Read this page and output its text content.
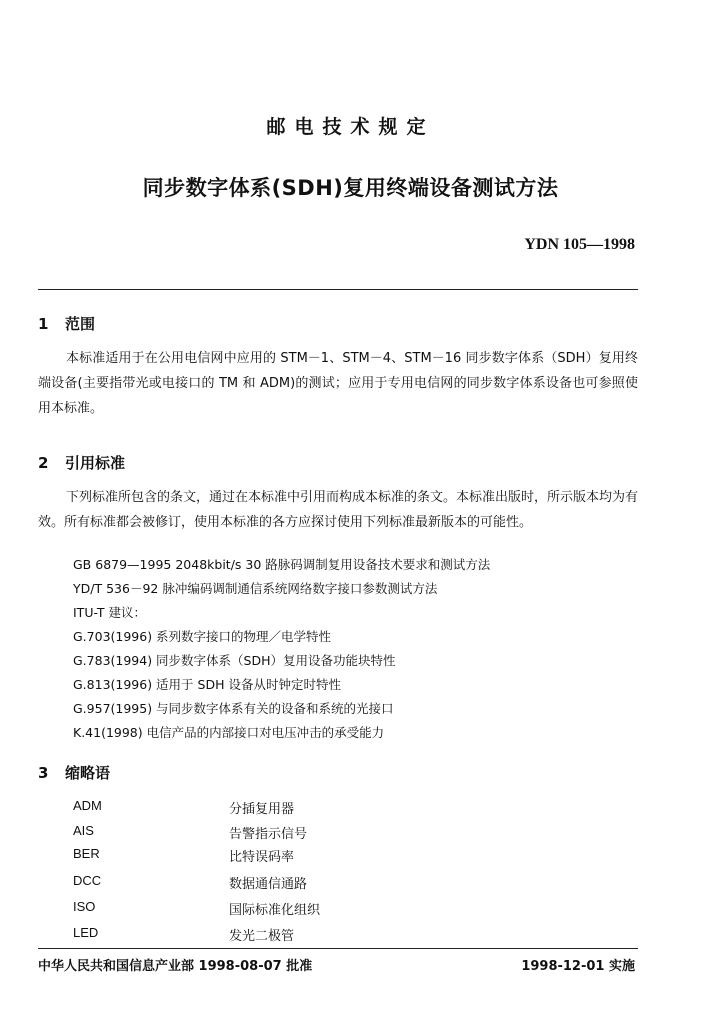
邮电技术规定
同步数字体系(SDH)复用终端设备测试方法
YDN 105—1998
1 范围
本标准适用于在公用电信网中应用的 STM－1、STM－4、STM－16 同步数字体系（SDH）复用终端设备(主要指带光或电接口的 TM 和 ADM)的测试；应用于专用电信网的同步数字体系设备也可参照使用本标准。
2 引用标准
下列标准所包含的条文，通过在本标准中引用而构成本标准的条文。本标准出版时，所示版本均为有效。所有标准都会被修订，使用本标准的各方应探讨使用下列标准最新版本的可能性。
GB 6879—1995 2048kbit/s 30 路脉码调制复用设备技术要求和测试方法
YD/T 536－92 脉冲编码调制通信系统网络数字接口参数测试方法
ITU-T 建议：
G.703(1996) 系列数字接口的物理／电学特性
G.783(1994) 同步数字体系（SDH）复用设备功能块特性
G.813(1996) 适用于 SDH 设备从时钟定时特性
G.957(1995) 与同步数字体系有关的设备和系统的光接口
K.41(1998) 电信产品的内部接口对电压冲击的承受能力
3 缩略语
ADM	分插复用器
AIS	告警指示信号
BER	比特误码率
DCC	数据通信通路
ISO	国际标准化组织
LED	发光二极管
中华人民共和国信息产业部 1998-08-07 批准	1998-12-01 实施
